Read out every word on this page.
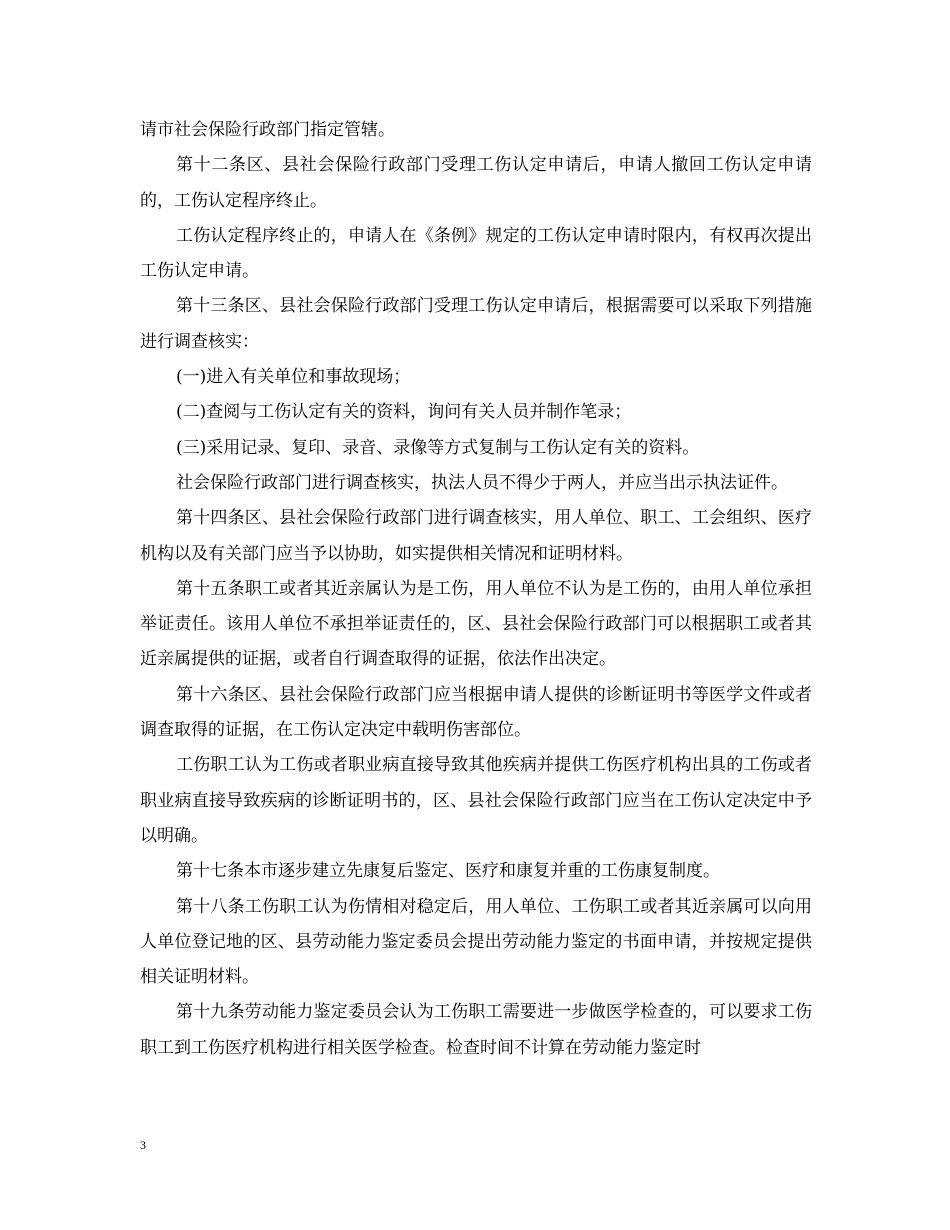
请市社会保险行政部门指定管辖。

第十二条区、县社会保险行政部门受理工伤认定申请后，申请人撤回工伤认定申请的，工伤认定程序终止。

工伤认定程序终止的，申请人在《条例》规定的工伤认定申请时限内，有权再次提出工伤认定申请。

第十三条区、县社会保险行政部门受理工伤认定申请后，根据需要可以采取下列措施进行调查核实：

(一)进入有关单位和事故现场；

(二)查阅与工伤认定有关的资料，询问有关人员并制作笔录；

(三)采用记录、复印、录音、录像等方式复制与工伤认定有关的资料。

社会保险行政部门进行调查核实，执法人员不得少于两人，并应当出示执法证件。

第十四条区、县社会保险行政部门进行调查核实，用人单位、职工、工会组织、医疗机构以及有关部门应当予以协助，如实提供相关情况和证明材料。

第十五条职工或者其近亲属认为是工伤，用人单位不认为是工伤的，由用人单位承担举证责任。该用人单位不承担举证责任的，区、县社会保险行政部门可以根据职工或者其近亲属提供的证据，或者自行调查取得的证据，依法作出决定。

第十六条区、县社会保险行政部门应当根据申请人提供的诊断证明书等医学文件或者调查取得的证据，在工伤认定决定中载明伤害部位。

工伤职工认为工伤或者职业病直接导致其他疾病并提供工伤医疗机构出具的工伤或者职业病直接导致疾病的诊断证明书的，区、县社会保险行政部门应当在工伤认定决定中予以明确。

第十七条本市逐步建立先康复后鉴定、医疗和康复并重的工伤康复制度。

第十八条工伤职工认为伤情相对稳定后，用人单位、工伤职工或者其近亲属可以向用人单位登记地的区、县劳动能力鉴定委员会提出劳动能力鉴定的书面申请，并按规定提供相关证明材料。

第十九条劳动能力鉴定委员会认为工伤职工需要进一步做医学检查的，可以要求工伤职工到工伤医疗机构进行相关医学检查。检查时间不计算在劳动能力鉴定时

3
